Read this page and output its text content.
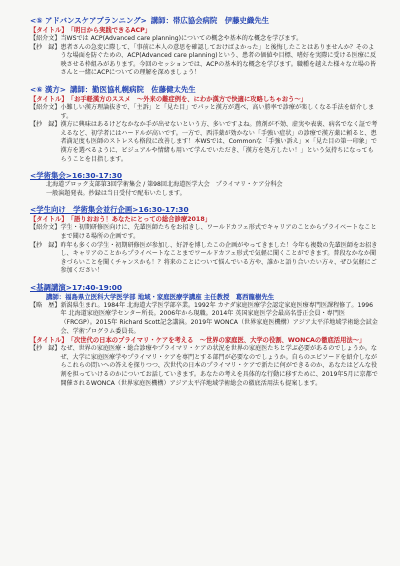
<⑤ アドバンスケアプランニング> 講師：帯広協会病院　伊藤史織先生
【タイトル】 「明日から実践できるACP」
【紹介文】 当WSでは ACP(Advanced care planning)についての概念や基本的な概念を学びます。
【抄　録】 患者さんの急変に際して、「事前に本人の意思を確認しておけばよかった」と後悔したことはありませんか？そのような場面を防ぐための、ACP(Advanced care planning)という、患者の価値や目標、嗜好を実際に受ける医療に反映させる枠組みがあります。今回のセッションでは、ACPの基本的な概念を学びます。職種を越えた様々な立場の皆さんと一緒にACPについての理解を深めましょう！
<⑥ 漢方> 講師：勤医協札幌病院　佐藤健太先生
【タイトル】 「お手軽漢方のススメ　～外来の難症例を、にわか漢方で快適に攻略しちゃおう～」
【紹介文】 小難しい漢方理論抜きで、「主訴」と「見た目」でパッと漢方が選べ、高い勝率で診療が楽しくなる手法を紹介します。
【抄　録】 漢方に興味はあるけどなかなか手が出せないという方、多いですよね。煎剤が不効、虚実や表裏、病名でなく証で考えるなど、初学者にはハードルが高いです。一方で、西洋薬が効かない「手強い症状」の診療で漢方薬に頼ると、患者満足度も医師のストレスも格段に改善します！本WSでは、Commonな「手強い訴え」×「見た目の第一印象」で漢方を選べるように、ビジュアルや情緒も用いて学んでいただき、「漢方を処方したい！」という気持ちになってもらうことを目指します。
<学術集会>16:30-17:30
北海道ブロック支部第3回学術集会 / 第98回北海道医学大会　プライマリ・ケア分科会
一般演題発表。抄録は当日受付で配布いたします。
<学生向け　学術集会並行企画>16:30-17:30
【タイトル】 「語りおおう！あなたにとっての総合診療2018」
【紹介文】 学生・初期研修医向けに、先輩医師たちをお招きし、ワールドカフェ形式でキャリアのことからプライベートなことまで聞ける場所の企画です。
【抄　録】 昨年も多くの学生・初期研修医が参加し、好評を博したこの企画がやってきました！今年も複数の先輩医師をお招きし、キャリアのことからプライベートなことまでワールドカフェ形式で気軽に聞くことができます。普段なかなか聞きづらいことを聞くチャンスかも！？将来のことについて悩んでいる方や、誰かと語り合いたい方々、ぜひ気軽にご参加ください！
<基調講演>17:40-19:00
講師：福島県立医科大学医学部 地域・家庭医療学講座 主任教授　葛西龍樹先生
【略　歴】 新潟県生まれ。1984年 北海道大学医学部卒業。1992年 カナダ家庭医療学会認定家庭医療専門医課程修了。1996年 北海道家庭医療学センター所長。2006年から現職。2014年 英国家庭医学会最高名誉正会員・専門医（FRCGP）。2015年 Richard Scott記念講演。2019年 WONCA（世界家庭医機構）アジア太平洋地域学術総会試金会、学術プログラム委員長。
【タイトル】 「次世代の日本のプライマリ・ケアを考える　～世界の家庭医、大学の役割、WONCAの徹底活用法～」
【抄　録】 なぜ、世界の家庭医療・総合診療やプライマリ・ケアの状況を世界の家庭医たちと学ぶ必要があるのでしょうか。なぜ、大学に家庭医療学やプライマリ・ケアを専門とする部門が必要なのでしょうか。自らのエピソードを紹介しながらこれらの問いへの答えを探りつつ、次世代の日本のプライマリ・ケアで新たに何ができるのか、あなたはどんな役割を担っていけるのかについてお話していきます。あなたの考えを具体的な行動に移すために、2019年5月に京都で開催されるWONCA（世界家庭医機構）アジア太平洋地域学術総会の徹底活用法も提案します。
